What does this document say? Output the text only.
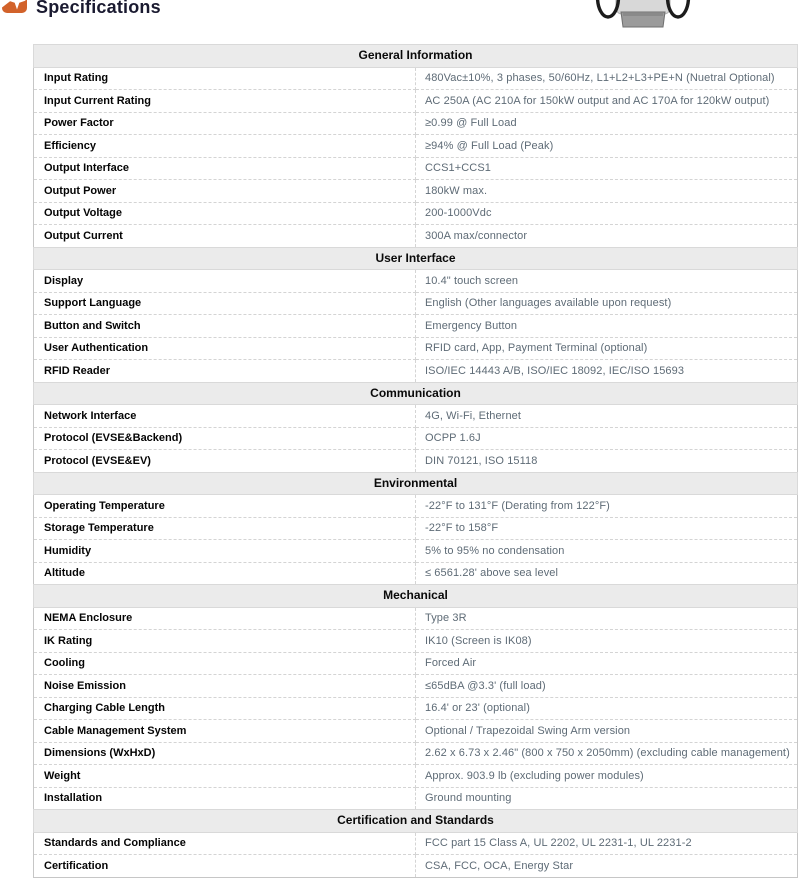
Specifications
General Information	
Input Rating	480Vac±10%, 3 phases, 50/60Hz, L1+L2+L3+PE+N (Nuetral Optional)
Input Current Rating	AC 250A (AC 210A for 150kW output and AC 170A for 120kW output)
Power Factor	≥0.99 @ Full Load
Efficiency	≥94% @ Full Load (Peak)
Output Interface	CCS1+CCS1
Output Power	180kW max.
Output Voltage	200-1000Vdc
Output Current	300A max/connector
User Interface	
Display	10.4" touch screen
Support Language	English (Other languages available upon request)
Button and Switch	Emergency Button
User Authentication	RFID card, App, Payment Terminal (optional)
RFID Reader	ISO/IEC 14443 A/B, ISO/IEC 18092, IEC/ISO 15693
Communication	
Network Interface	4G, Wi-Fi, Ethernet
Protocol (EVSE&Backend)	OCPP 1.6J
Protocol (EVSE&EV)	DIN 70121, ISO 15118
Environmental	
Operating Temperature	-22°F to 131°F (Derating from 122°F)
Storage Temperature	-22°F to 158°F
Humidity	5% to 95% no condensation
Altitude	≤ 6561.28' above sea level
Mechanical	
NEMA Enclosure	Type 3R
IK Rating	IK10 (Screen is IK08)
Cooling	Forced Air
Noise Emission	≤65dBA @3.3' (full load)
Charging Cable Length	16.4' or 23' (optional)
Cable Management System	Optional / Trapezoidal Swing Arm version
Dimensions (WxHxD)	2.62 x 6.73 x 2.46" (800 x 750 x 2050mm) (excluding cable management)
Weight	Approx. 903.9 lb (excluding power modules)
Installation	Ground mounting
Certification and Standards	
Standards and Compliance	FCC part 15 Class A, UL 2202, UL 2231-1, UL 2231-2
Certification	CSA, FCC, OCA, Energy Star
